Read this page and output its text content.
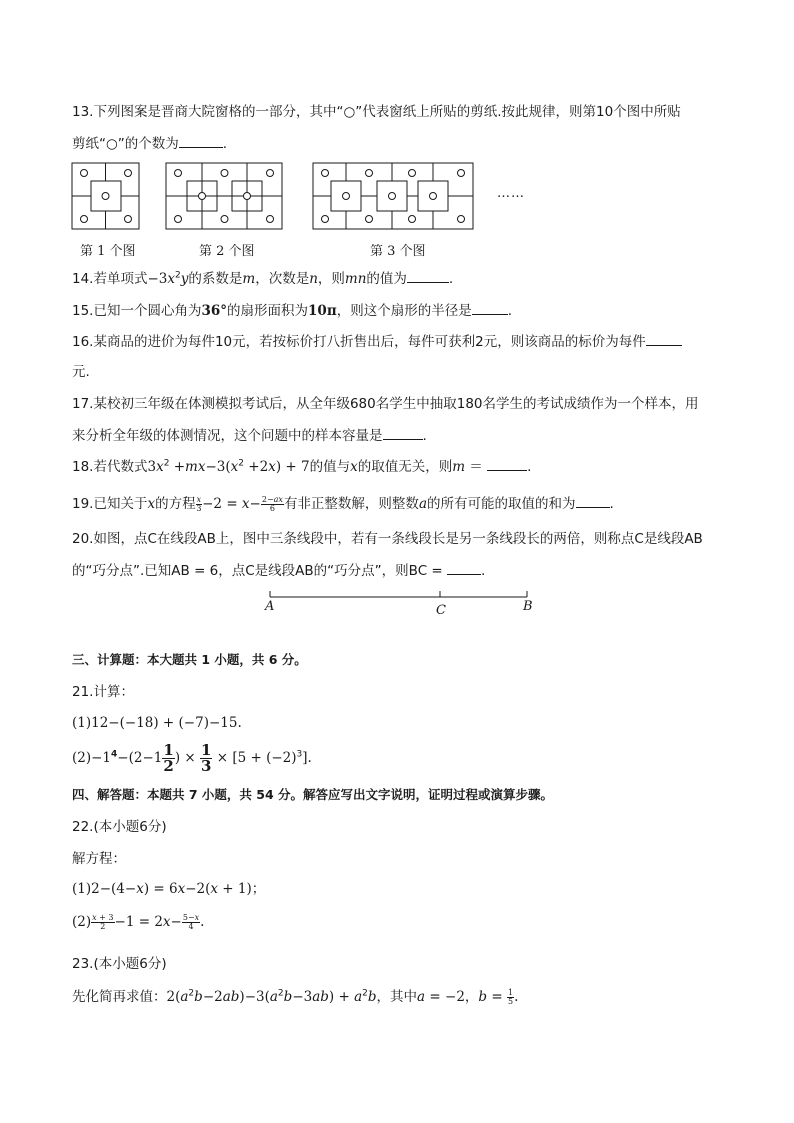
13.下列图案是晋商大院窗格的一部分，其中“○”代表窗纸上所贴的剪纸.按此规律，则第10个图中所贴
剪纸“○”的个数为	.
……
第 1 个图	第 2 个图	第 3 个图
14.若单项式$-3x^2y$的系数是m，次数是n，则mn的值为	.
15.已知一个圆心角为36°的扇形面积为10π，则这个扇形的半径是	.
16.某商品的进价为每件10元，若按标价打八折售出后，每件可获利2元，则该商品的标价为每件
元.
17.某校初三年级在体测模拟考试后，从全年级680名学生中抽取180名学生的考试成绩作为一个样本，用
来分析全年级的体测情况，这个问题中的样本容量是	.
18.若代数式$3x^2 +mx-3(x^2 +2x) + 7$的值与x的取值无关，则m ＝	.
19.已知关于x的方程 $\frac{x}{3} -2 = x- \frac{2-ax}{6}$ 有非正整数解，则整数a的所有可能的取值的和为	.
20.如图，点C在线段AB上，图中三条线段中，若有一条线段长是另一条线段长的两倍，则称点C是线段AB
的“巧分点”.已知AB = 6，点C是线段AB的“巧分点”，则BC =	.
A	C	B
三、计算题：本大题共 1 小题，共 6 分。
21.计算：
(1)12−(−18) + (−7)−15.
$(2)-1^4-(2-1 \frac{1}{2}$ ) × $\frac{1}{3} \times [5 + (-2)^3]$.
四、解答题：本题共 7 小题，共 54 分。解答应写出文字说明，证明过程或演算步骤。
22.(本小题6分)
解方程：
(1)2−(4−x) = 6x−2(x + 1)；
$(2) \frac{x + 3}{2} -1 = 2x- \frac{5-x}{4}$ .
23.(本小题6分)
先化简再求值：$2(a^2b-2ab)-3(a^2b-3ab) + a^2b$，其中a = −2，$b = \frac{1}{5}$ .
